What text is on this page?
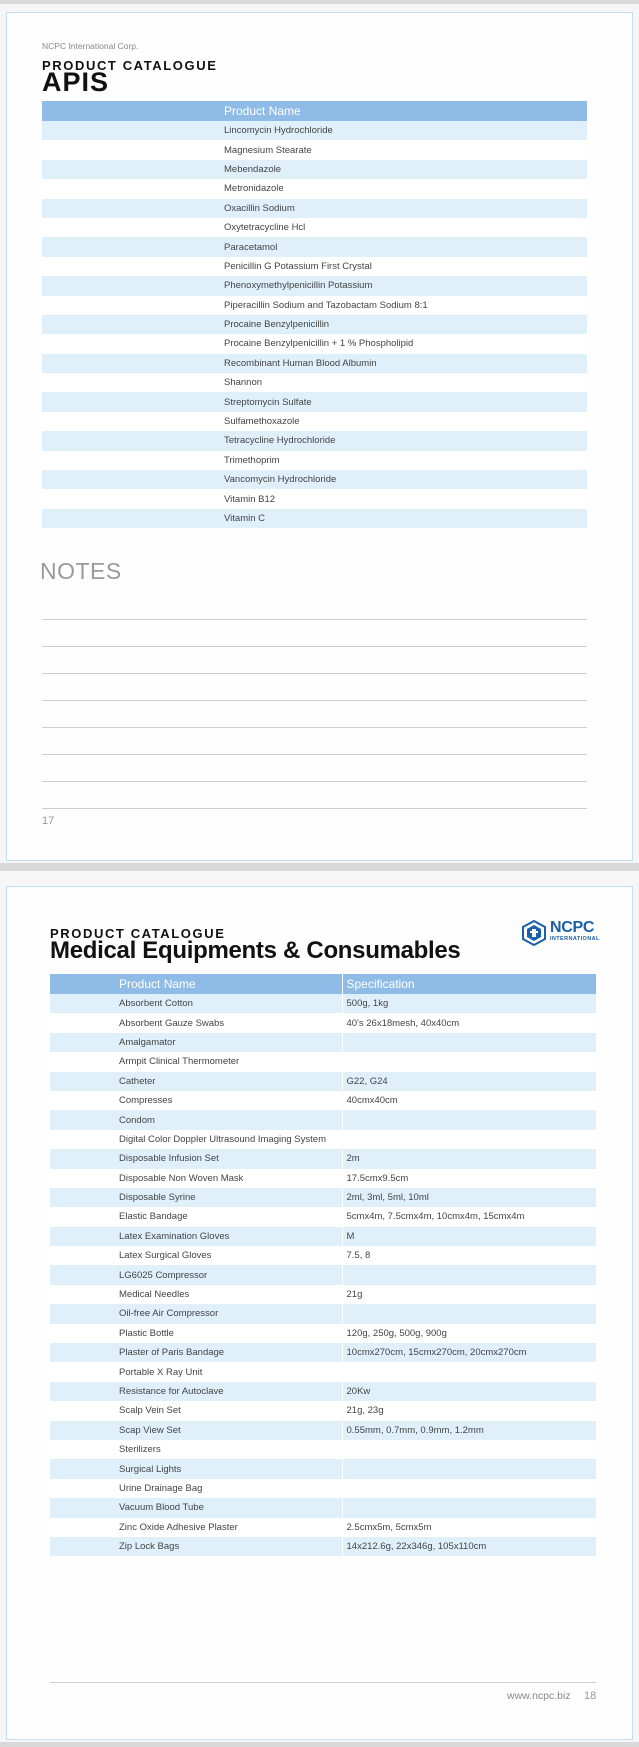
NCPC International Corp.
PRODUCT CATALOGUE
APIS
Product Name
Lincomycin Hydrochloride
Magnesium Stearate
Mebendazole
Metronidazole
Oxacillin Sodium
Oxytetracycline Hcl
Paracetamol
Penicillin G Potassium First Crystal
Phenoxymethylpenicillin Potassium
Piperacillin Sodium and Tazobactam Sodium 8:1
Procaine Benzylpenicillin
Procaine Benzylpenicillin + 1 % Phospholipid
Recombinant Human Blood Albumin
Shannon
Streptomycin Sulfate
Sulfamethoxazole
Tetracycline Hydrochloride
Trimethoprim
Vancomycin Hydrochloride
Vitamin B12
Vitamin C
NOTES
17
PRODUCT CATALOGUE
Medical Equipments & Consumables
NCPC
INTERNATIONAL
Product Name	Specification
Absorbent Cotton	500g, 1kg
Absorbent Gauze Swabs	40's 26x18mesh, 40x40cm
Amalgamator	
Armpit Clinical Thermometer	
Catheter	G22, G24
Compresses	40cmx40cm
Condom	
Digital Color Doppler Ultrasound Imaging System	
Disposable Infusion Set	2m
Disposable Non Woven Mask	17.5cmx9.5cm
Disposable Syrine	2ml, 3ml, 5ml, 10ml
Elastic Bandage	5cmx4m, 7.5cmx4m, 10cmx4m, 15cmx4m
Latex Examination Gloves	M
Latex Surgical Gloves	7.5, 8
LG6025 Compressor	
Medical Needles	21g
Oil-free Air Compressor	
Plastic Bottle	120g, 250g, 500g, 900g
Plaster of Paris Bandage	10cmx270cm, 15cmx270cm, 20cmx270cm
Portable X Ray Unit	
Resistance for Autoclave	20Kw
Scalp Vein Set	21g, 23g
Scap View Set	0.55mm, 0.7mm, 0.9mm, 1.2mm
Sterilizers	
Surgical Lights	
Urine Drainage Bag	
Vacuum Blood Tube	
Zinc Oxide Adhesive Plaster	2.5cmx5m, 5cmx5m
Zip Lock Bags	14x212.6g, 22x346g, 105x110cm
www.ncpc.biz 18
